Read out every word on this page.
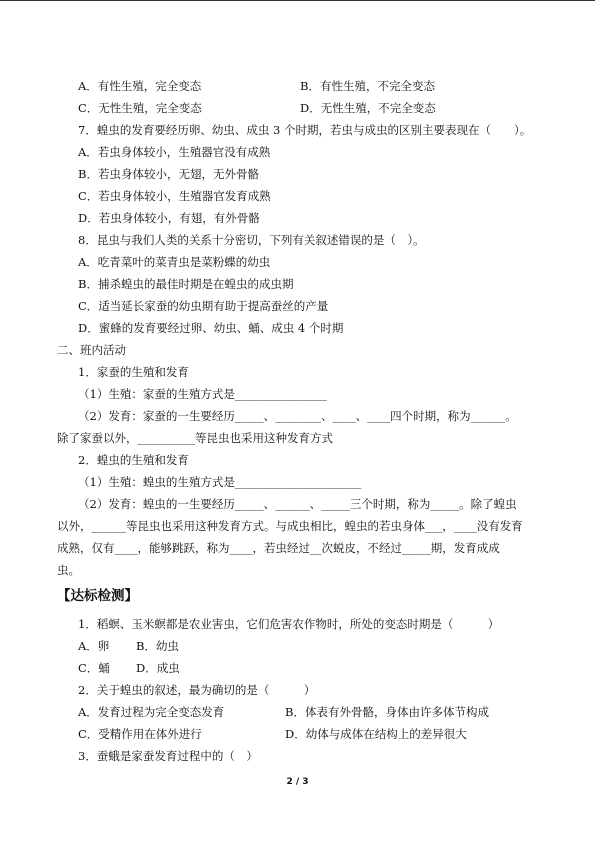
A．有性生殖，完全变态	B．有性生殖，不完全变态
C．无性生殖，完全变态	D．无性生殖，不完全变态
7．蝗虫的发育要经历卵、幼虫、成虫 3 个时期，若虫与成虫的区别主要表现在（　　）。
A．若虫身体较小，生殖器官没有成熟
B．若虫身体较小，无翅，无外骨骼
C．若虫身体较小，生殖器官发育成熟
D．若虫身体较小，有翅，有外骨骼
8．昆虫与我们人类的关系十分密切，下列有关叙述错误的是（　）。
A．吃青菜叶的菜青虫是菜粉蝶的幼虫
B．捕杀蝗虫的最佳时期是在蝗虫的成虫期
C．适当延长家蚕的幼虫期有助于提高蚕丝的产量
D．蜜蜂的发育要经过卵、幼虫、蛹、成虫 4 个时期
二、班内活动
1．家蚕的生殖和发育
（1）生殖：家蚕的生殖方式是________________
（2）发育：家蚕的一生要经历_____、________、____、____四个时期，称为______。
除了家蚕以外，__________等昆虫也采用这种发育方式
2．蝗虫的生殖和发育
（1）生殖：蝗虫的生殖方式是______________________
（2）发育：蝗虫的一生要经历_____、______、_____三个时期，称为_____。除了蝗虫
以外，______等昆虫也采用这种发育方式。与成虫相比，蝗虫的若虫身体___，____没有发育
成熟，仅有____，能够跳跃，称为____，若虫经过__次蜕皮，不经过_____期，发育成成
虫。
【达标检测】
1．稻螟、玉米螟都是农业害虫，它们危害农作物时，所处的变态时期是（　　　）
A．卵	B．幼虫
C．蛹	D．成虫
2．关于蝗虫的叙述，最为确切的是（　　　）
A．发育过程为完全变态发育	B．体表有外骨骼，身体由许多体节构成
C．受精作用在体外进行	D．幼体与成体在结构上的差异很大
3．蚕蛾是家蚕发育过程中的（　）
2 / 3
